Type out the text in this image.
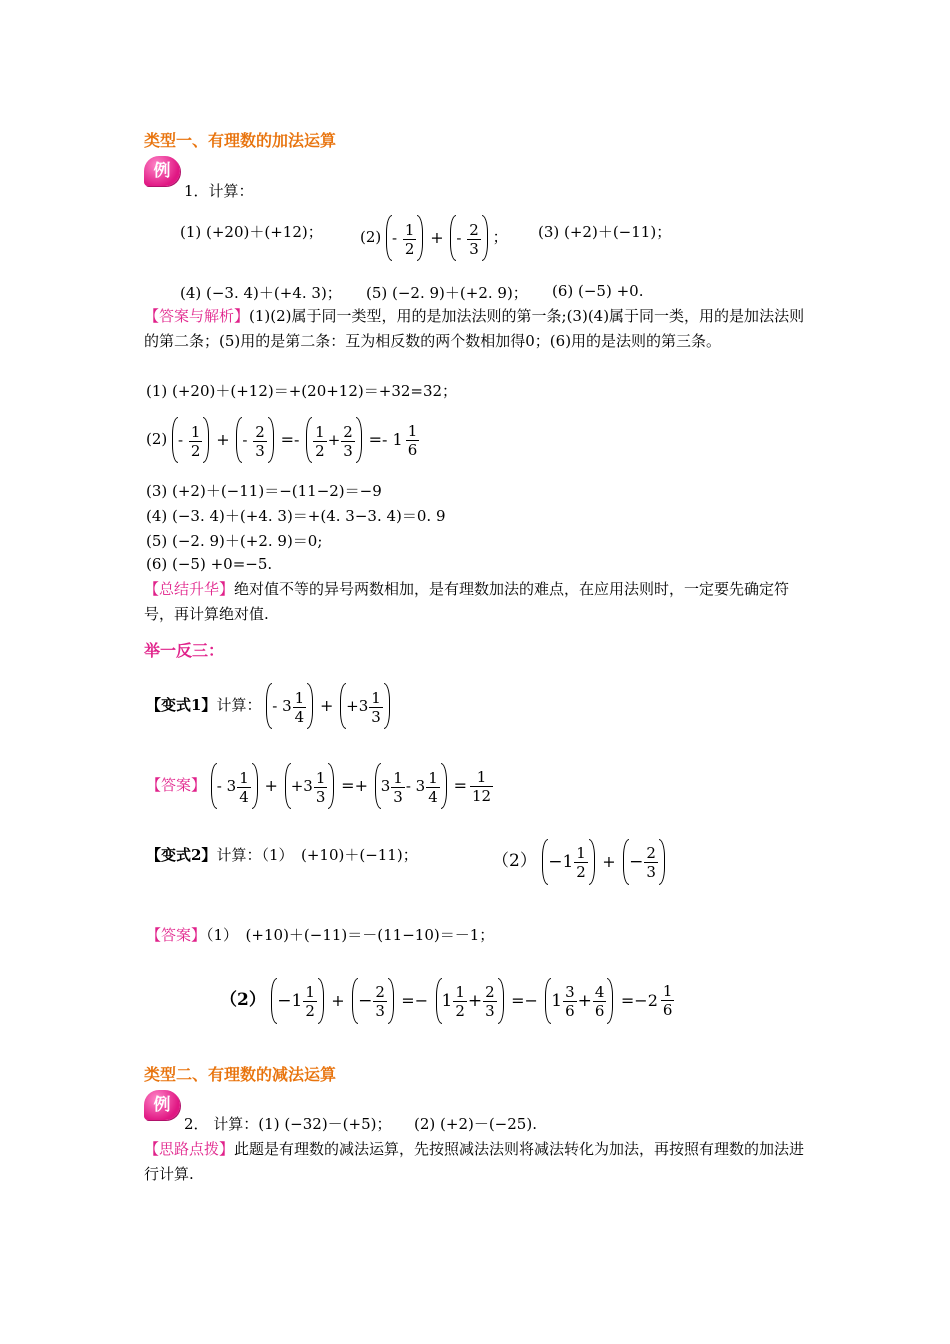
类型一、有理数的加法运算
例
1．计算：
(1) (+20)＋(+12)； $(2) - \frac{1}{2}$ + - $\frac{2}{3}$ ； (3) (+2)＋(−11)；
(4) (−3. 4)＋(+4. 3)； (5) (−2. 9)＋(+2. 9)； (6) (−5) +0.
【答案与解析】(1)(2)属于同一类型，用的是加法法则的第一条;(3)(4)属于同一类，用的是加法法则的第二条；(5)用的是第二条：互为相反数的两个数相加得0；(6)用的是法则的第三条。
(1) (+20)＋(+12)＝+(20+12)＝+32=32；
$(2) - \frac{1}{2}$ + - $\frac{2}{3} =- \frac{1}{2} + \frac{2}{3} =- 1 \frac{1}{6}$
(3) (+2)＋(−11)＝−(11−2)＝−9
(4) (−3. 4)＋(+4. 3)＝+(4. 3−3. 4)＝0. 9
(5) (−2. 9)＋(+2. 9)＝0;
(6) (−5) +0=−5.
【总结升华】绝对值不等的异号两数相加，是有理数加法的难点，在应用法则时，一定要先确定符号，再计算绝对值.
举一反三：
【变式1】计算： - $3 \frac{1}{4} + +3 \frac{1}{3}$
【答案】 - $3 \frac{1}{4} + +3 \frac{1}{3} =+ 3 \frac{1}{3} - 3 \frac{1}{4} = \frac{1}{12}$
【变式2】计算：（1）　(+10)＋(−11)；	$(2) -1 \frac{1}{2}$ + − $\frac{2}{3}$
【答案】（1）　(+10)＋(−11)＝－(11−10)＝－1；
$(2) -1 \frac{1}{2}$ + − $\frac{2}{3} =- 1 \frac{1}{2} + \frac{2}{3} =- 1 \frac{3}{6} + \frac{4}{6} =-2 \frac{1}{6}$
类型二、有理数的减法运算
例
2． 计算：(1) (−32)－(+5)；　　(2) (+2)－(−25).
【思路点拨】此题是有理数的减法运算，先按照减法法则将减法转化为加法，再按照有理数的加法进行计算.
